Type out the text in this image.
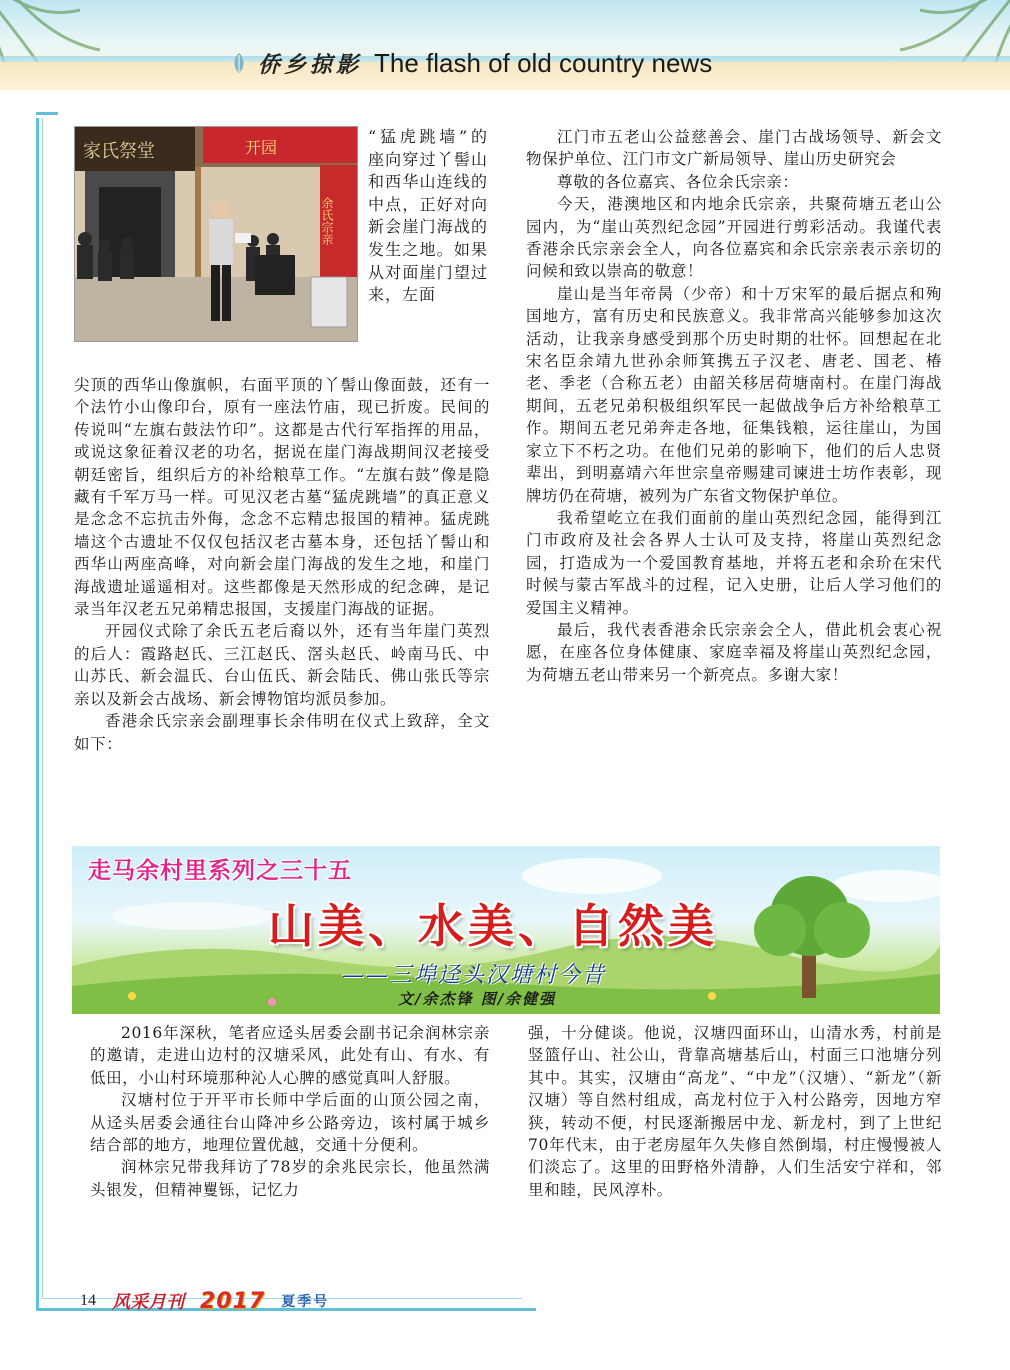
侨乡掠影 The flash of old country news
家氏祭堂	开园
余氏宗亲

“猛虎跳墙”的座向穿过丫髻山和西华山连线的中点，正好对向新会崖门海战的发生之地。如果从对面崖门望过来，左面

尖顶的西华山像旗帜，右面平顶的丫髻山像面鼓，还有一个法竹小山像印台，原有一座法竹庙，现已折废。民间的传说叫“左旗右鼓法竹印”。这都是古代行军指挥的用品，或说这象征着汉老的功名，据说在崖门海战期间汉老接受朝廷密旨，组织后方的补给粮草工作。“左旗右鼓”像是隐藏有千军万马一样。可见汉老古墓“猛虎跳墙”的真正意义是念念不忘抗击外侮，念念不忘精忠报国的精神。猛虎跳墙这个古遗址不仅仅包括汉老古墓本身，还包括丫髻山和西华山两座高峰，对向新会崖门海战的发生之地，和崖门海战遗址遥遥相对。这些都像是天然形成的纪念碑，是记录当年汉老五兄弟精忠报国，支援崖门海战的证据。

开园仪式除了余氏五老后裔以外，还有当年崖门英烈的后人：霞路赵氏、三江赵氏、滘头赵氏、岭南马氏、中山苏氏、新会温氏、台山伍氏、新会陆氏、佛山张氏等宗亲以及新会古战场、新会博物馆均派员参加。

香港余氏宗亲会副理事长余伟明在仪式上致辞，全文如下：

江门市五老山公益慈善会、崖门古战场领导、新会文物保护单位、江门市文广新局领导、崖山历史研究会

尊敬的各位嘉宾、各位余氏宗亲：

今天，港澳地区和内地余氏宗亲，共聚荷塘五老山公园内，为“崖山英烈纪念园”开园进行剪彩活动。我谨代表香港余氏宗亲会全人，向各位嘉宾和余氏宗亲表示亲切的问候和致以崇高的敬意！

崖山是当年帝昺（少帝）和十万宋军的最后据点和殉国地方，富有历史和民族意义。我非常高兴能够参加这次活动，让我亲身感受到那个历史时期的壮怀。回想起在北宋名臣余靖九世孙余师箕携五子汉老、唐老、国老、椿老、季老（合称五老）由韶关移居荷塘南村。在崖门海战期间，五老兄弟积极组织军民一起做战争后方补给粮草工作。期间五老兄弟奔走各地，征集钱粮，运往崖山，为国家立下不朽之功。在他们兄弟的影响下，他们的后人忠贤辈出，到明嘉靖六年世宗皇帝赐建司谏进士坊作表彰，现牌坊仍在荷塘，被列为广东省文物保护单位。

我希望屹立在我们面前的崖山英烈纪念园，能得到江门市政府及社会各界人士认可及支持，将崖山英烈纪念园，打造成为一个爱国教育基地，并将五老和余玠在宋代时候与蒙古军战斗的过程，记入史册，让后人学习他们的爱国主义精神。

最后，我代表香港余氏宗亲会仝人，借此机会衷心祝愿，在座各位身体健康、家庭幸福及将崖山英烈纪念园，为荷塘五老山带来另一个新亮点。多谢大家！

走马余村里系列之三十五
山美、水美、自然美
——三埠迳头汉塘村今昔
文/余杰锋 图/余健强

2016年深秋，笔者应迳头居委会副书记余润林宗亲的邀请，走进山边村的汉塘采风，此处有山、有水、有低田，小山村环境那种沁人心脾的感觉真叫人舒服。

汉塘村位于开平市长师中学后面的山顶公园之南，从迳头居委会通往台山降冲乡公路旁边，该村属于城乡结合部的地方，地理位置优越，交通十分便利。

润林宗兄带我拜访了78岁的余兆民宗长，他虽然满头银发，但精神矍铄，记忆力

强，十分健谈。他说，汉塘四面环山，山清水秀，村前是竖篮仔山、社公山，背靠高塘基后山，村面三口池塘分列其中。其实，汉塘由“高龙”、“中龙”（汉塘）、“新龙”（新汉塘）等自然村组成，高龙村位于入村公路旁，因地方窄狭，转动不便，村民逐渐搬居中龙、新龙村，到了上世纪70年代末，由于老房屋年久失修自然倒塌，村庄慢慢被人们淡忘了。这里的田野格外清静，人们生活安宁祥和，邻里和睦，民风淳朴。

14 风采月刊 2017 夏季号
